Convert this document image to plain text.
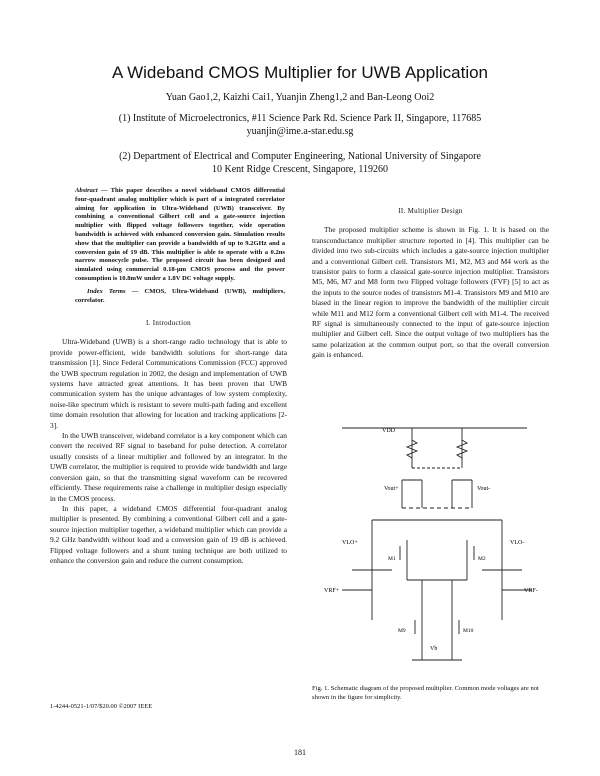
A Wideband CMOS Multiplier for UWB Application
Yuan Gao1,2, Kaizhi Cai1, Yuanjin Zheng1,2 and Ban-Leong Ooi2
(1) Institute of Microelectronics, #11 Science Park Rd. Science Park II, Singapore, 117685
yuanjin@ime.a-star.edu.sg
(2) Department of Electrical and Computer Engineering, National University of Singapore
10 Kent Ridge Crescent, Singapore, 119260
Abstract — This paper describes a novel wideband CMOS differential four-quadrant analog multiplier which is part of a integrated correlator aiming for application in Ultra-Wideband (UWB) transceiver. By combining a conventional Gilbert cell and a gate-source injection multiplier with flipped voltage followers together, wide operation bandwidth is achieved with enhanced conversion gain. Simulation results show that the multiplier can provide a bandwidth of up to 9.2GHz and a conversion gain of 19 dB. This multiplier is able to operate with a 0.2ns narrow monocycle pulse. The proposed circuit has been designed and simulated using commercial 0.18-μm CMOS process and the power consumption is 10.8mW under a 1.8V DC voltage supply.
Index Terms — CMOS, Ultra-Wideband (UWB), multipliers, correlator.
I. Introduction

Ultra-Wideband (UWB) is a short-range radio technology that is able to provide power-efficient, wide bandwidth solutions for short-range data transmission [1]. Since Federal Communications Commission (FCC) approved the UWB spectrum regulation in 2002, the design and implementation of UWB systems have attracted great attentions. It has been proven that UWB communication system has the unique advantages of low system complexity, noise-like spectrum which is resistant to severe multi-path fading and excellent time domain resolution that allowing for location and tracking applications [2-3].

In the UWB transceiver, wideband correlator is a key component which can convert the received RF signal to baseband for pulse detection. A correlator usually consists of a linear multiplier and followed by an integrator. In the UWB correlator, the multiplier is required to provide wide bandwidth and large conversion gain, so that the transmitting signal waveform can be recovered efficiently. These requirements raise a challenge in multiplier design especially in the CMOS process.

In this paper, a wideband CMOS differential four-quadrant analog multiplier is presented. By combining a conventional Gilbert cell and a gate-source injection multiplier together, a wideband multiplier which can provide a 9.2 GHz bandwidth without load and a conversion gain of 19 dB is achieved. Flipped voltage followers and a shunt tuning technique are both utilized to enhance the conversion gain and reduce the current consumption.

II. Multiplier Design

The proposed multiplier scheme is shown in Fig. 1. It is based on the transconductance multiplier structure reported in [4]. This multiplier can be divided into two sub-circuits which includes a gate-source injection multiplier and a conventional Gilbert cell. Transistors M1, M2, M3 and M4 work as the transistor pairs to form a classical gate-source injection multiplier. Transistors M5, M6, M7 and M8 form two Flipped voltage followers (FVF) [5] to act as the inputs to the source nodes of transistors M1-4. Transistors M9 and M10 are biased in the linear region to improve the bandwidth of the multiplier circuit while M11 and M12 form a conventional Gilbert cell with M1-4. The received RF signal is simultaneously connected to the input of gate-source injection multiplier and Gilbert cell. Since the output voltage of two multipliers has the same polarization at the common output port, so that the overall conversion gain is enhanced.

VDD
Vout+	Vout-
VLO+	VLO-
VRF+	VRF-
Vb
M1	M2
M9	M10
Fig. 1. Schematic diagram of the proposed multiplier. Common mode voltages are not shown in the figure for simplicity.
1-4244-0521-1/07/$20.00 ©2007 IEEE
181
